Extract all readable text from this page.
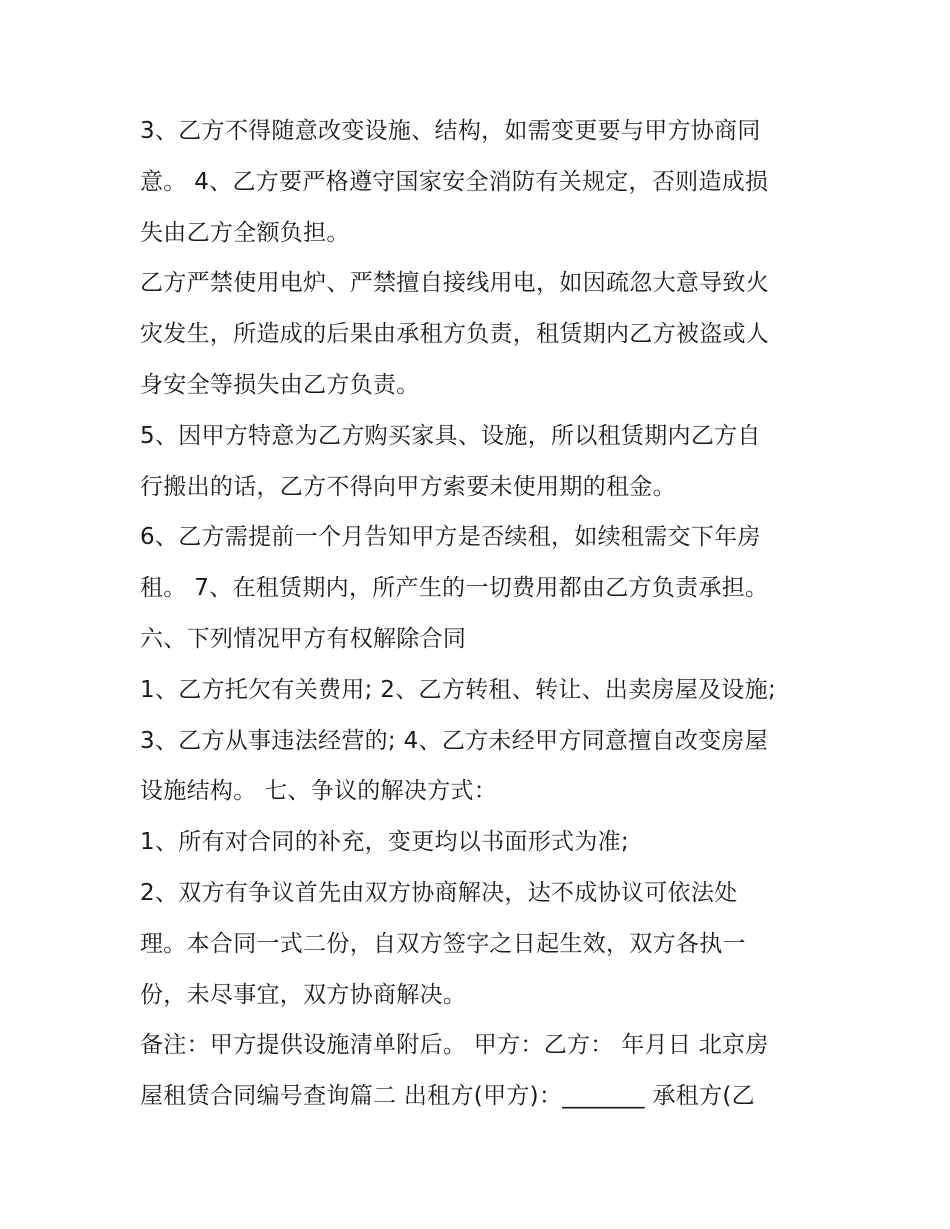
3、乙方不得随意改变设施、结构，如需变更要与甲方协商同
意。 4、乙方要严格遵守国家安全消防有关规定，否则造成损
失由乙方全额负担。

乙方严禁使用电炉、严禁擅自接线用电，如因疏忽大意导致火
灾发生，所造成的后果由承租方负责，租赁期内乙方被盗或人
身安全等损失由乙方负责。

5、因甲方特意为乙方购买家具、设施，所以租赁期内乙方自
行搬出的话，乙方不得向甲方索要未使用期的租金。

6、乙方需提前一个月告知甲方是否续租，如续租需交下年房
租。 7、在租赁期内，所产生的一切费用都由乙方负责承担。

六、下列情况甲方有权解除合同

1、乙方托欠有关费用; 2、乙方转租、转让、出卖房屋及设施;

3、乙方从事违法经营的; 4、乙方未经甲方同意擅自改变房屋
设施结构。 七、争议的解决方式：

1、所有对合同的补充，变更均以书面形式为准;

2、双方有争议首先由双方协商解决，达不成协议可依法处
理。本合同一式二份，自双方签字之日起生效，双方各执一
份，未尽事宜，双方协商解决。

备注：甲方提供设施清单附后。 甲方：乙方： 年月日 北京房
屋租赁合同编号查询篇二 出租方(甲方)：_______ 承租方(乙
